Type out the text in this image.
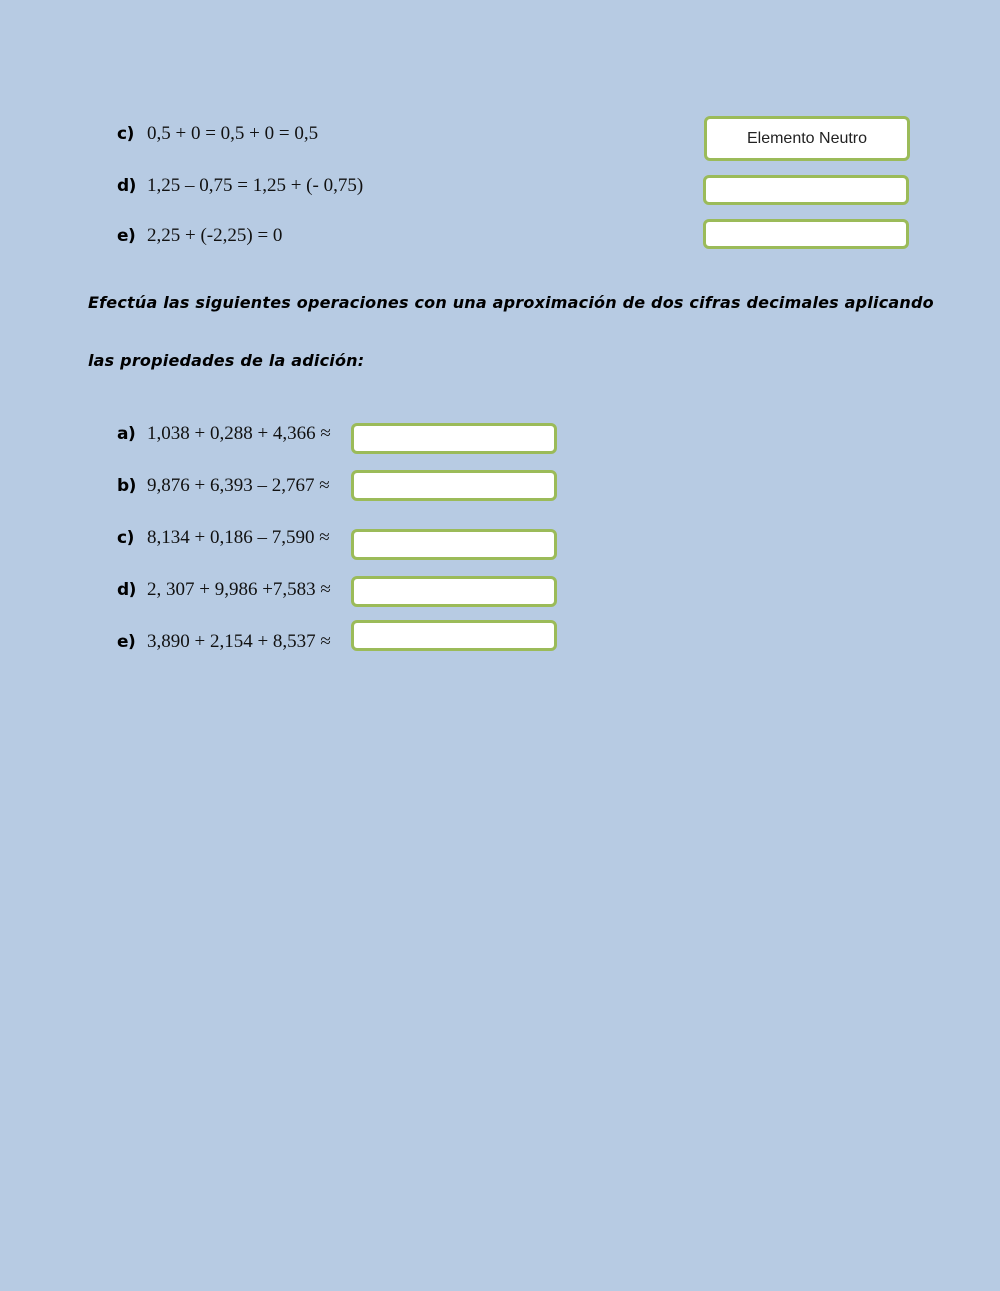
c) 0,5 + 0 = 0,5 + 0 = 0,5	Elemento Neutro
d) 1,25 – 0,75 = 1,25 + (- 0,75)
e) 2,25 + (-2,25) = 0
Efectúa las siguientes operaciones con una aproximación de dos cifras decimales aplicando
las propiedades de la adición:
a) 1,038 + 0,288 + 4,366 ≈
b) 9,876 + 6,393 – 2,767 ≈
c) 8,134 + 0,186 – 7,590 ≈
d) 2, 307 + 9,986 +7,583 ≈
e) 3,890 + 2,154 + 8,537 ≈
